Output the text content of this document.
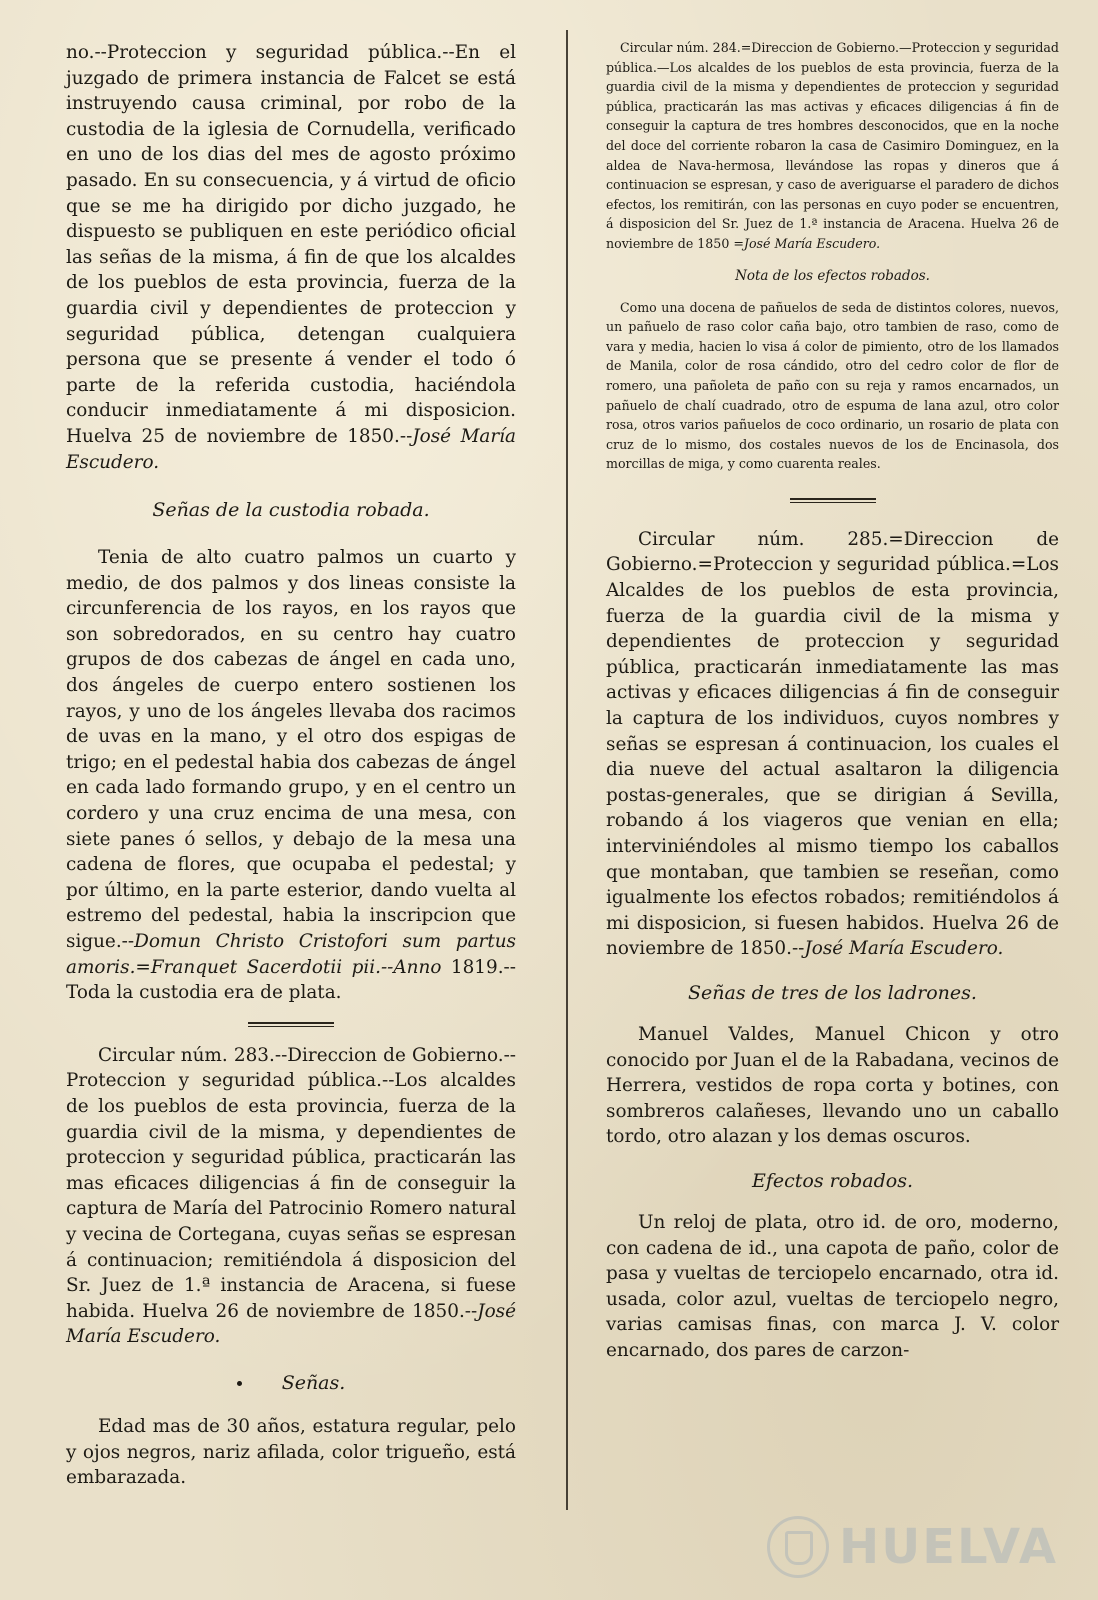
no.--Proteccion y seguridad pública.--En el juzgado de primera instancia de Falcet se está instruyendo causa criminal, por robo de la custodia de la iglesia de Cornudella, verificado en uno de los dias del mes de agosto próximo pasado. En su consecuencia, y á virtud de oficio que se me ha dirigido por dicho juzgado, he dispuesto se publiquen en este periódico oficial las señas de la misma, á fin de que los alcaldes de los pueblos de esta provincia, fuerza de la guardia civil y dependientes de proteccion y seguridad pública, detengan cualquiera persona que se presente á vender el todo ó parte de la referida custodia, haciéndola conducir inmediatamente á mi disposicion. Huelva 25 de noviembre de 1850.--José María Escudero.

Señas de la custodia robada.

Tenia de alto cuatro palmos un cuarto y medio, de dos palmos y dos lineas consiste la circunferencia de los rayos, en los rayos que son sobredorados, en su centro hay cuatro grupos de dos cabezas de ángel en cada uno, dos ángeles de cuerpo entero sostienen los rayos, y uno de los ángeles llevaba dos racimos de uvas en la mano, y el otro dos espigas de trigo; en el pedestal habia dos cabezas de ángel en cada lado formando grupo, y en el centro un cordero y una cruz encima de una mesa, con siete panes ó sellos, y debajo de la mesa una cadena de flores, que ocupaba el pedestal; y por último, en la parte esterior, dando vuelta al estremo del pedestal, habia la inscripcion que sigue.--Domun Christo Cristofori sum partus amoris.=Franquet Sacerdotii pii.--Anno 1819.--Toda la custodia era de plata.

Circular núm. 283.--Direccion de Gobierno.--Proteccion y seguridad pública.--Los alcaldes de los pueblos de esta provincia, fuerza de la guardia civil de la misma, y dependientes de proteccion y seguridad pública, practicarán las mas eficaces diligencias á fin de conseguir la captura de María del Patrocinio Romero natural y vecina de Cortegana, cuyas señas se espresan á continuacion; remitiéndola á disposicion del Sr. Juez de 1.ª instancia de Aracena, si fuese habida. Huelva 26 de noviembre de 1850.--José María Escudero.

Señas.

Edad mas de 30 años, estatura regular, pelo y ojos negros, nariz afilada, color trigueño, está embarazada.

Circular núm. 284.=Direccion de Gobierno.—Proteccion y seguridad pública.—Los alcaldes de los pueblos de esta provincia, fuerza de la guardia civil de la misma y dependientes de proteccion y seguridad pública, practicarán las mas activas y eficaces diligencias á fin de conseguir la captura de tres hombres desconocidos, que en la noche del doce del corriente robaron la casa de Casimiro Dominguez, en la aldea de Nava-hermosa, llevándose las ropas y dineros que á continuacion se espresan, y caso de averiguarse el paradero de dichos efectos, los remitirán, con las personas en cuyo poder se encuentren, á disposicion del Sr. Juez de 1.ª instancia de Aracena. Huelva 26 de noviembre de 1850 =José María Escudero.

Nota de los efectos robados.

Como una docena de pañuelos de seda de distintos colores, nuevos, un pañuelo de raso color caña bajo, otro tambien de raso, como de vara y media, hacien lo visa á color de pimiento, otro de los llamados de Manila, color de rosa cándido, otro del cedro color de flor de romero, una pañoleta de paño con su reja y ramos encarnados, un pañuelo de chalí cuadrado, otro de espuma de lana azul, otro color rosa, otros varios pañuelos de coco ordinario, un rosario de plata con cruz de lo mismo, dos costales nuevos de los de Encinasola, dos morcillas de miga, y como cuarenta reales.

Circular núm. 285.=Direccion de Gobierno.=Proteccion y seguridad pública.=Los Alcaldes de los pueblos de esta provincia, fuerza de la guardia civil de la misma y dependientes de proteccion y seguridad pública, practicarán inmediatamente las mas activas y eficaces diligencias á fin de conseguir la captura de los individuos, cuyos nombres y señas se espresan á continuacion, los cuales el dia nueve del actual asaltaron la diligencia postas-generales, que se dirigian á Sevilla, robando á los viageros que venian en ella; interviniéndoles al mismo tiempo los caballos que montaban, que tambien se reseñan, como igualmente los efectos robados; remitiéndolos á mi disposicion, si fuesen habidos. Huelva 26 de noviembre de 1850.--José María Escudero.

Señas de tres de los ladrones.

Manuel Valdes, Manuel Chicon y otro conocido por Juan el de la Rabadana, vecinos de Herrera, vestidos de ropa corta y botines, con sombreros calañeses, llevando uno un caballo tordo, otro alazan y los demas oscuros.

Efectos robados.

Un reloj de plata, otro id. de oro, moderno, con cadena de id., una capota de paño, color de pasa y vueltas de terciopelo encarnado, otra id. usada, color azul, vueltas de terciopelo negro, varias camisas finas, con marca J. V. color encarnado, dos pares de carzon-

HUELVA
